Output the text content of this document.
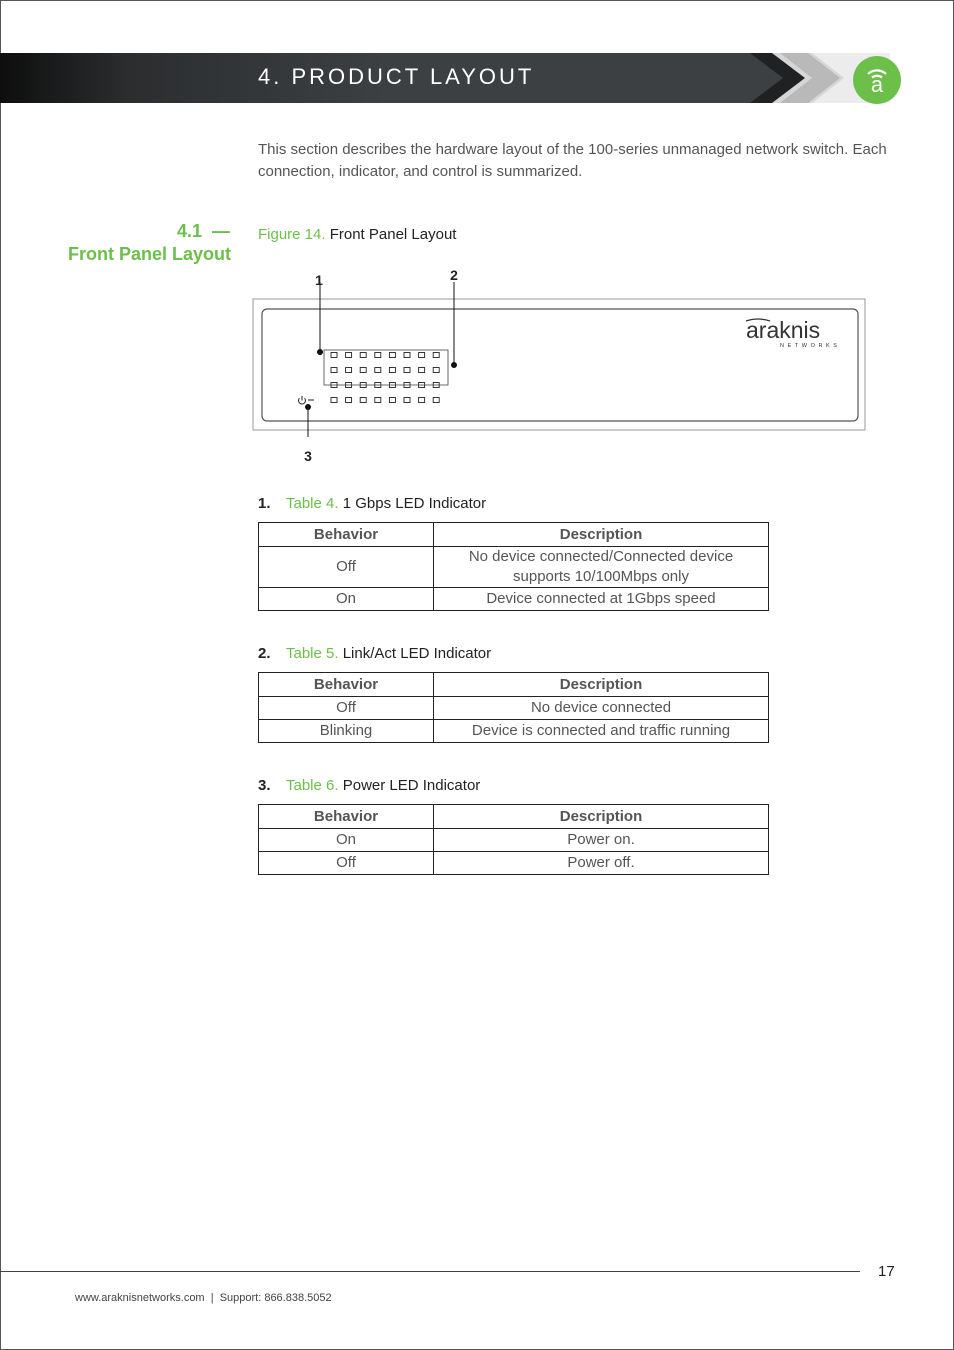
4. PRODUCT LAYOUT	a
This section describes the hardware layout of the 100-series unmanaged network switch. Each connection, indicator, and control is summarized.
4.1  —
Front Panel Layout
Figure 14. Front Panel Layout
1	2
3
araknis
NETWORKS
1. Table 4. 1 Gbps LED Indicator
Behavior	Description
Off	No device connected/Connected device supports 10/100Mbps only
On	Device connected at 1Gbps speed
2. Table 5. Link/Act LED Indicator
Behavior	Description
Off	No device connected
Blinking	Device is connected and traffic running
3. Table 6. Power LED Indicator
Behavior	Description
On	Power on.
Off	Power off.
17
www.araknisnetworks.com  |  Support: 866.838.5052
